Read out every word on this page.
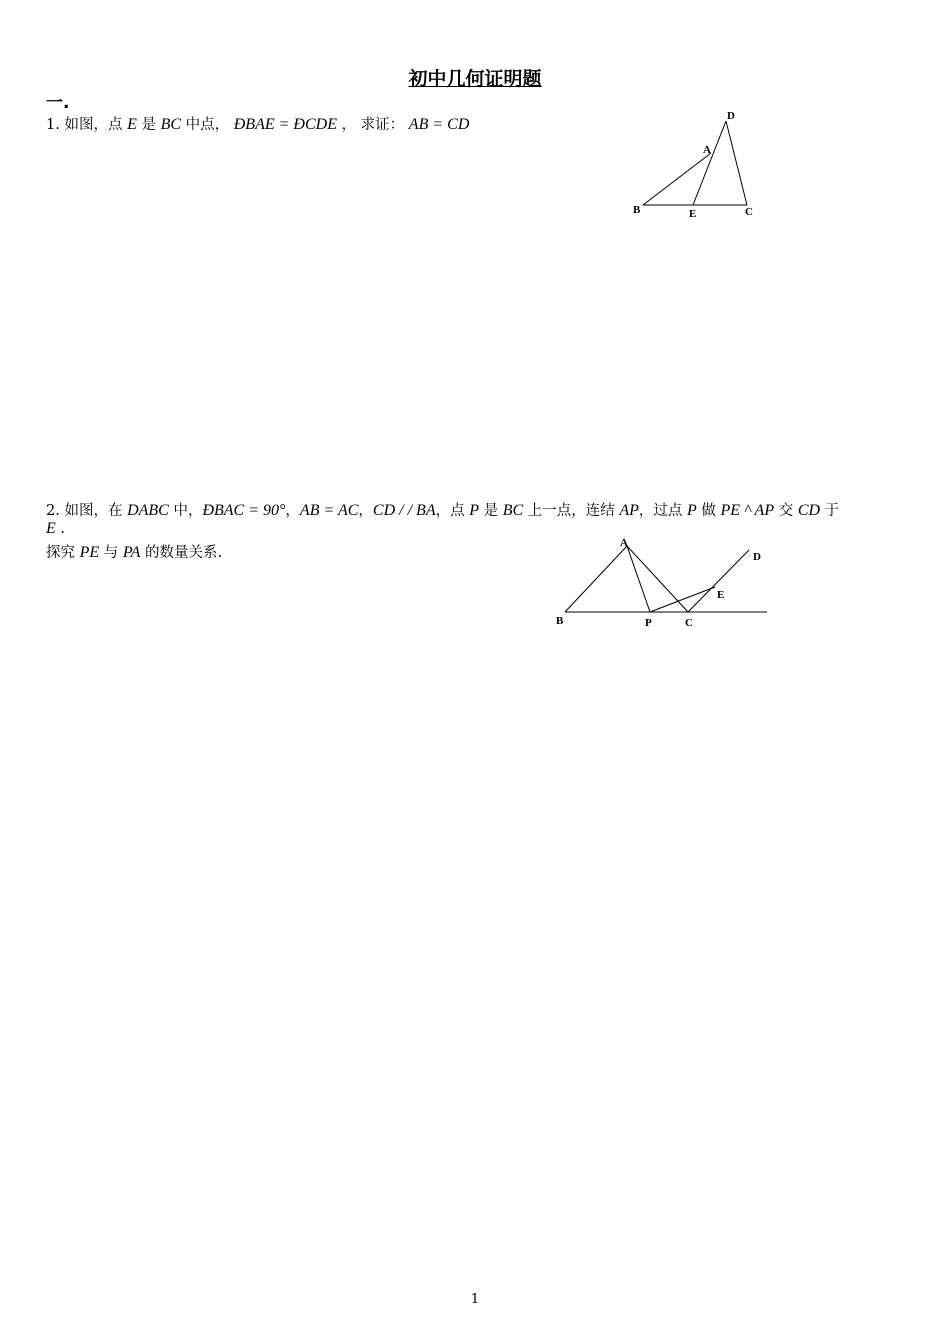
初中几何证明题
一.
1. 如图，点 E 是 BC 中点， ÐBAE = ÐCDE ， 求证： AB = CD	D
A
B	E	C
2. 如图，在 DABC 中，ÐBAC = 90°，AB = AC，CD / / BA，点 P 是 BC 上一点，连结 AP，过点 P 做 PE ^ AP 交 CD 于
E .
探究 PE 与 PA 的数量关系.
A
D
E
B	P	C
1
